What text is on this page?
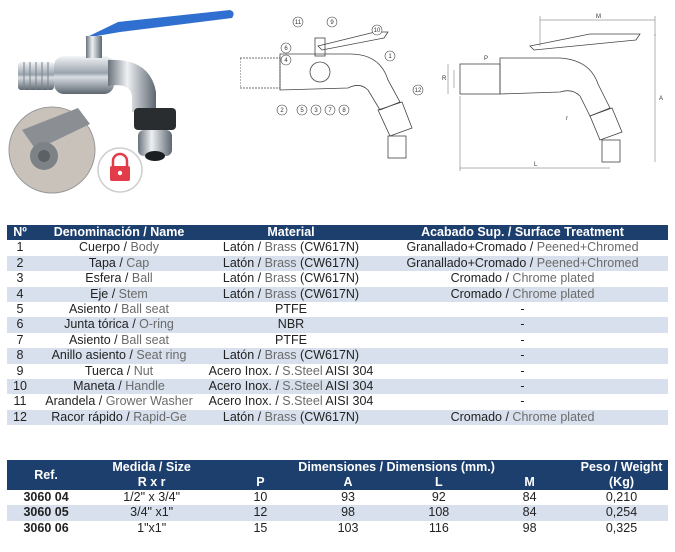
11	9
10
6
4
1
2	5 3 7 8
12
M
L
A
P
R
r
Nº	Denominación / Name	Material	Acabado Sup. / Surface Treatment
1	Cuerpo / Body	Latón / Brass (CW617N)	Granallado+Cromado / Peened+Chromed
2	Tapa / Cap	Latón / Brass (CW617N)	Granallado+Cromado / Peened+Chromed
3	Esfera / Ball	Latón / Brass (CW617N)	Cromado / Chrome plated
4	Eje / Stem	Latón / Brass (CW617N)	Cromado / Chrome plated
5	Asiento / Ball seat	PTFE	-
6	Junta tórica / O-ring	NBR	-
7	Asiento / Ball seat	PTFE	-
8	Anillo asiento / Seat ring	Latón / Brass (CW617N)	-
9	Tuerca / Nut	Acero Inox. / S.Steel AISI 304	-
10	Maneta / Handle	Acero Inox. / S.Steel AISI 304	-
11	Arandela / Grower Washer	Acero Inox. / S.Steel AISI 304	-
12	Racor rápido / Rapid-Ge	Latón / Brass (CW617N)	Cromado / Chrome plated
Ref.	Medida / Size	Dimensiones / Dimensions (mm.)				Peso / Weight
	R x r	P	A	L	M	(Kg)
3060 04	1/2" x 3/4"	10	93	92	84	0,210
3060 05	3/4" x1"	12	98	108	84	0,254
3060 06	1"x1"	15	103	116	98	0,325
